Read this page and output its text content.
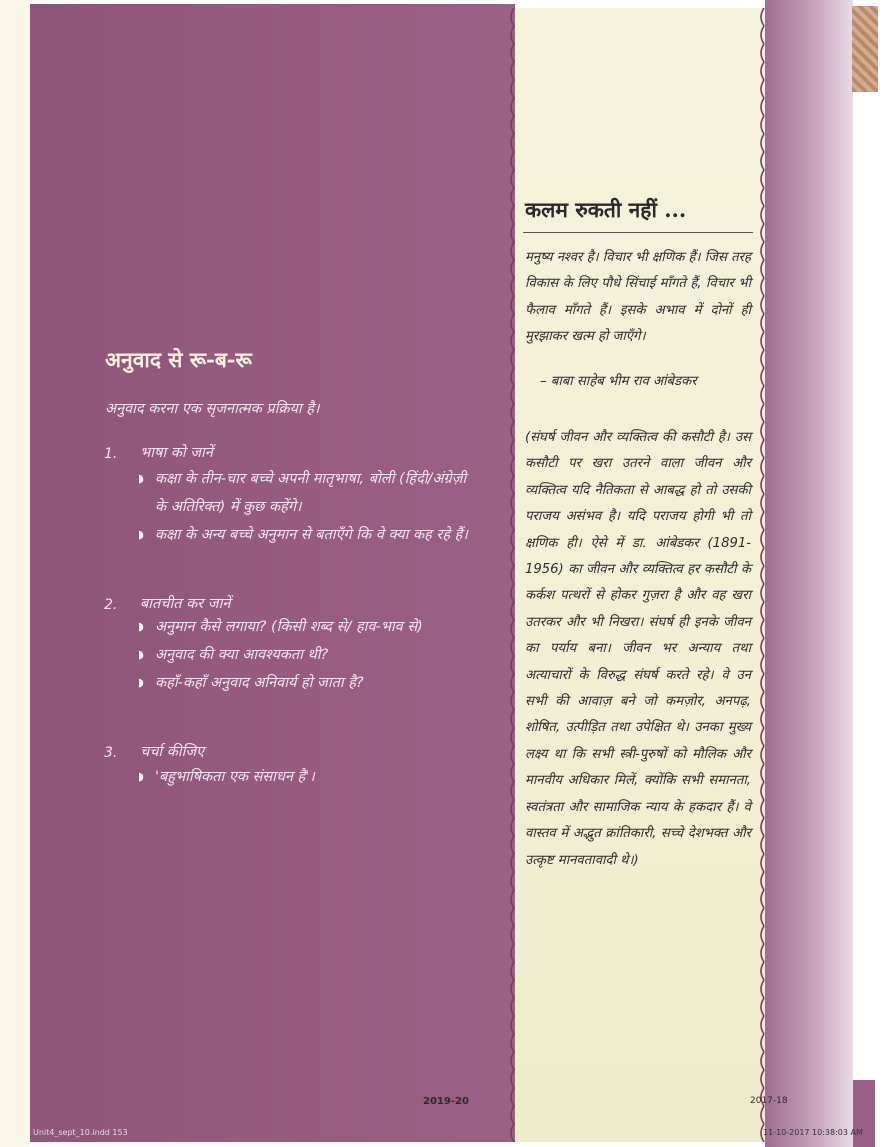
अनुवाद से रू-ब-रू

अनुवाद करना एक सृजनात्मक प्रक्रिया है।

1. भाषा को जानें

◗ कक्षा के तीन-चार बच्चे अपनी मातृभाषा, बोली (हिंदी/अंग्रेज़ी के अतिरिक्त) में कुछ कहेंगे।
◗ कक्षा के अन्य बच्चे अनुमान से बताएँगे कि वे क्या कह रहे हैं।
2. बातचीत कर जानें

◗ अनुमान कैसे लगाया? (किसी शब्द से/ हाव-भाव से)
◗ अनुवाद की क्या आवश्यकता थी?
◗ कहाँ-कहाँ अनुवाद अनिवार्य हो जाता है?
3. चर्चा कीजिए

◗ 'बहुभाषिकता एक संसाधन है'।
कलम रुकती नहीं ...

मनुष्य नश्वर है। विचार भी क्षणिक हैं। जिस तरह विकास के लिए पौधे सिंचाई माँगते हैं, विचार भी फैलाव माँगते हैं। इसके अभाव में दोनों ही मुरझाकर खत्म हो जाएँगे।

– बाबा साहेब भीम राव आंबेडकर

(संघर्ष जीवन और व्यक्तित्व की कसौटी है। उस कसौटी पर खरा उतरने वाला जीवन और व्यक्तित्व यदि नैतिकता से आबद्ध हो तो उसकी पराजय असंभव है। यदि पराजय होगी भी तो क्षणिक ही। ऐसे में डा. आंबेडकर (1891-1956) का जीवन और व्यक्तित्व हर कसौटी के कर्कश पत्थरों से होकर गुज़रा है और वह खरा उतरकर और भी निखरा। संघर्ष ही इनके जीवन का पर्याय बना। जीवन भर अन्याय तथा अत्याचारों के विरुद्ध संघर्ष करते रहे। वे उन सभी की आवाज़ बने जो कमज़ोर, अनपढ़, शोषित, उत्पीड़ित तथा उपेक्षित थे। उनका मुख्य लक्ष्य था कि सभी स्त्री-पुरुषों को मौलिक और मानवीय अधिकार मिलें, क्योंकि सभी समानता, स्वतंत्रता और सामाजिक न्याय के हकदार हैं। वे वास्तव में अद्भुत क्रांतिकारी, सच्चे देशभक्त और उत्कृष्ट मानवतावादी थे।)

2019-20	2017-18
Unit4_sept_10.indd 153	11-10-2017 10:38:03 AM
